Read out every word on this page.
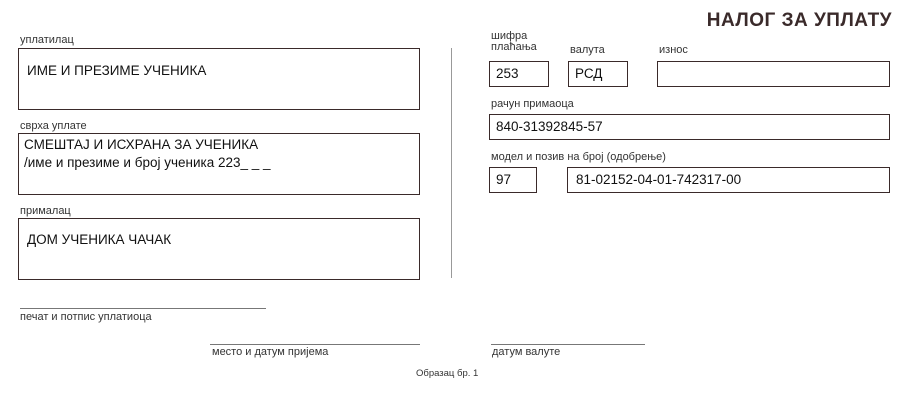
НАЛОГ ЗА УПЛАТУ
уплатилац
ИМЕ И ПРЕЗИМЕ УЧЕНИКА
сврха уплате
СМЕШТАЈ И ИСХРАНА ЗА УЧЕНИКА
/име и презиме и број ученика 223_ _ _
прималац
ДОМ УЧЕНИКА ЧАЧАК
шифра
плаћања
253
валута
РСД
износ
рачун примаоца
840-31392845-57
модел и позив на број (одобрење)
97	81-02152-04-01-742317-00
печат и потпис уплатиоца
место и датум пријема	датум валуте
Образац бр. 1
